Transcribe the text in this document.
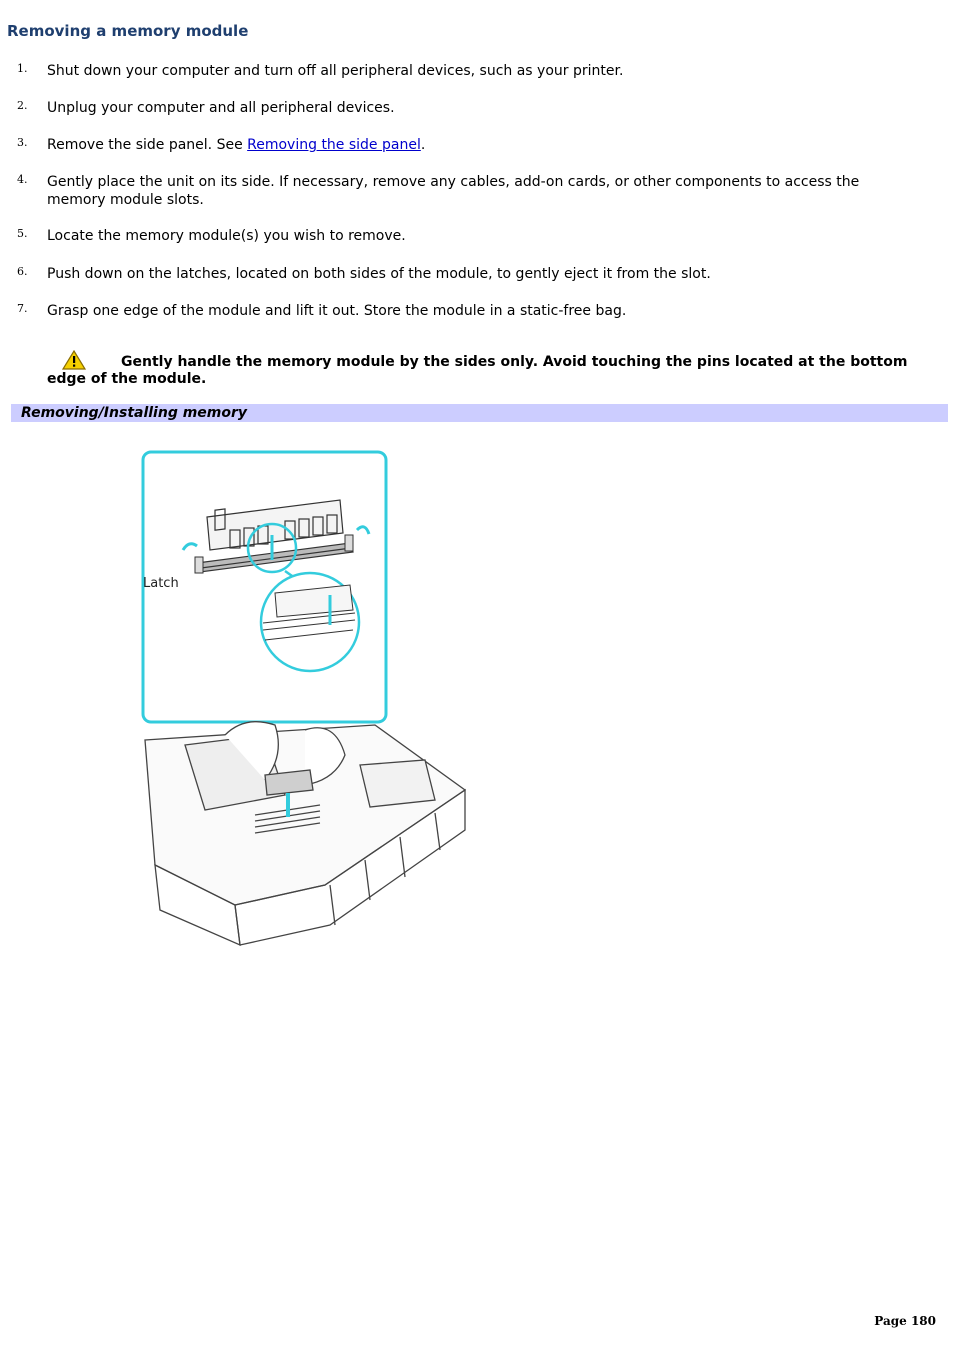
Removing a memory module
1. Shut down your computer and turn off all peripheral devices, such as your printer.
2. Unplug your computer and all peripheral devices.
3. Remove the side panel. See Removing the side panel.
4. Gently place the unit on its side. If necessary, remove any cables, add-on cards, or other components to access the memory module slots.
5. Locate the memory module(s) you wish to remove.
6. Push down on the latches, located on both sides of the module, to gently eject it from the slot.
7. Grasp one edge of the module and lift it out. Store the module in a static-free bag.
Gently handle the memory module by the sides only. Avoid touching the pins located at the bottom edge of the module.
Removing/Installing memory
Latch
Page 180
